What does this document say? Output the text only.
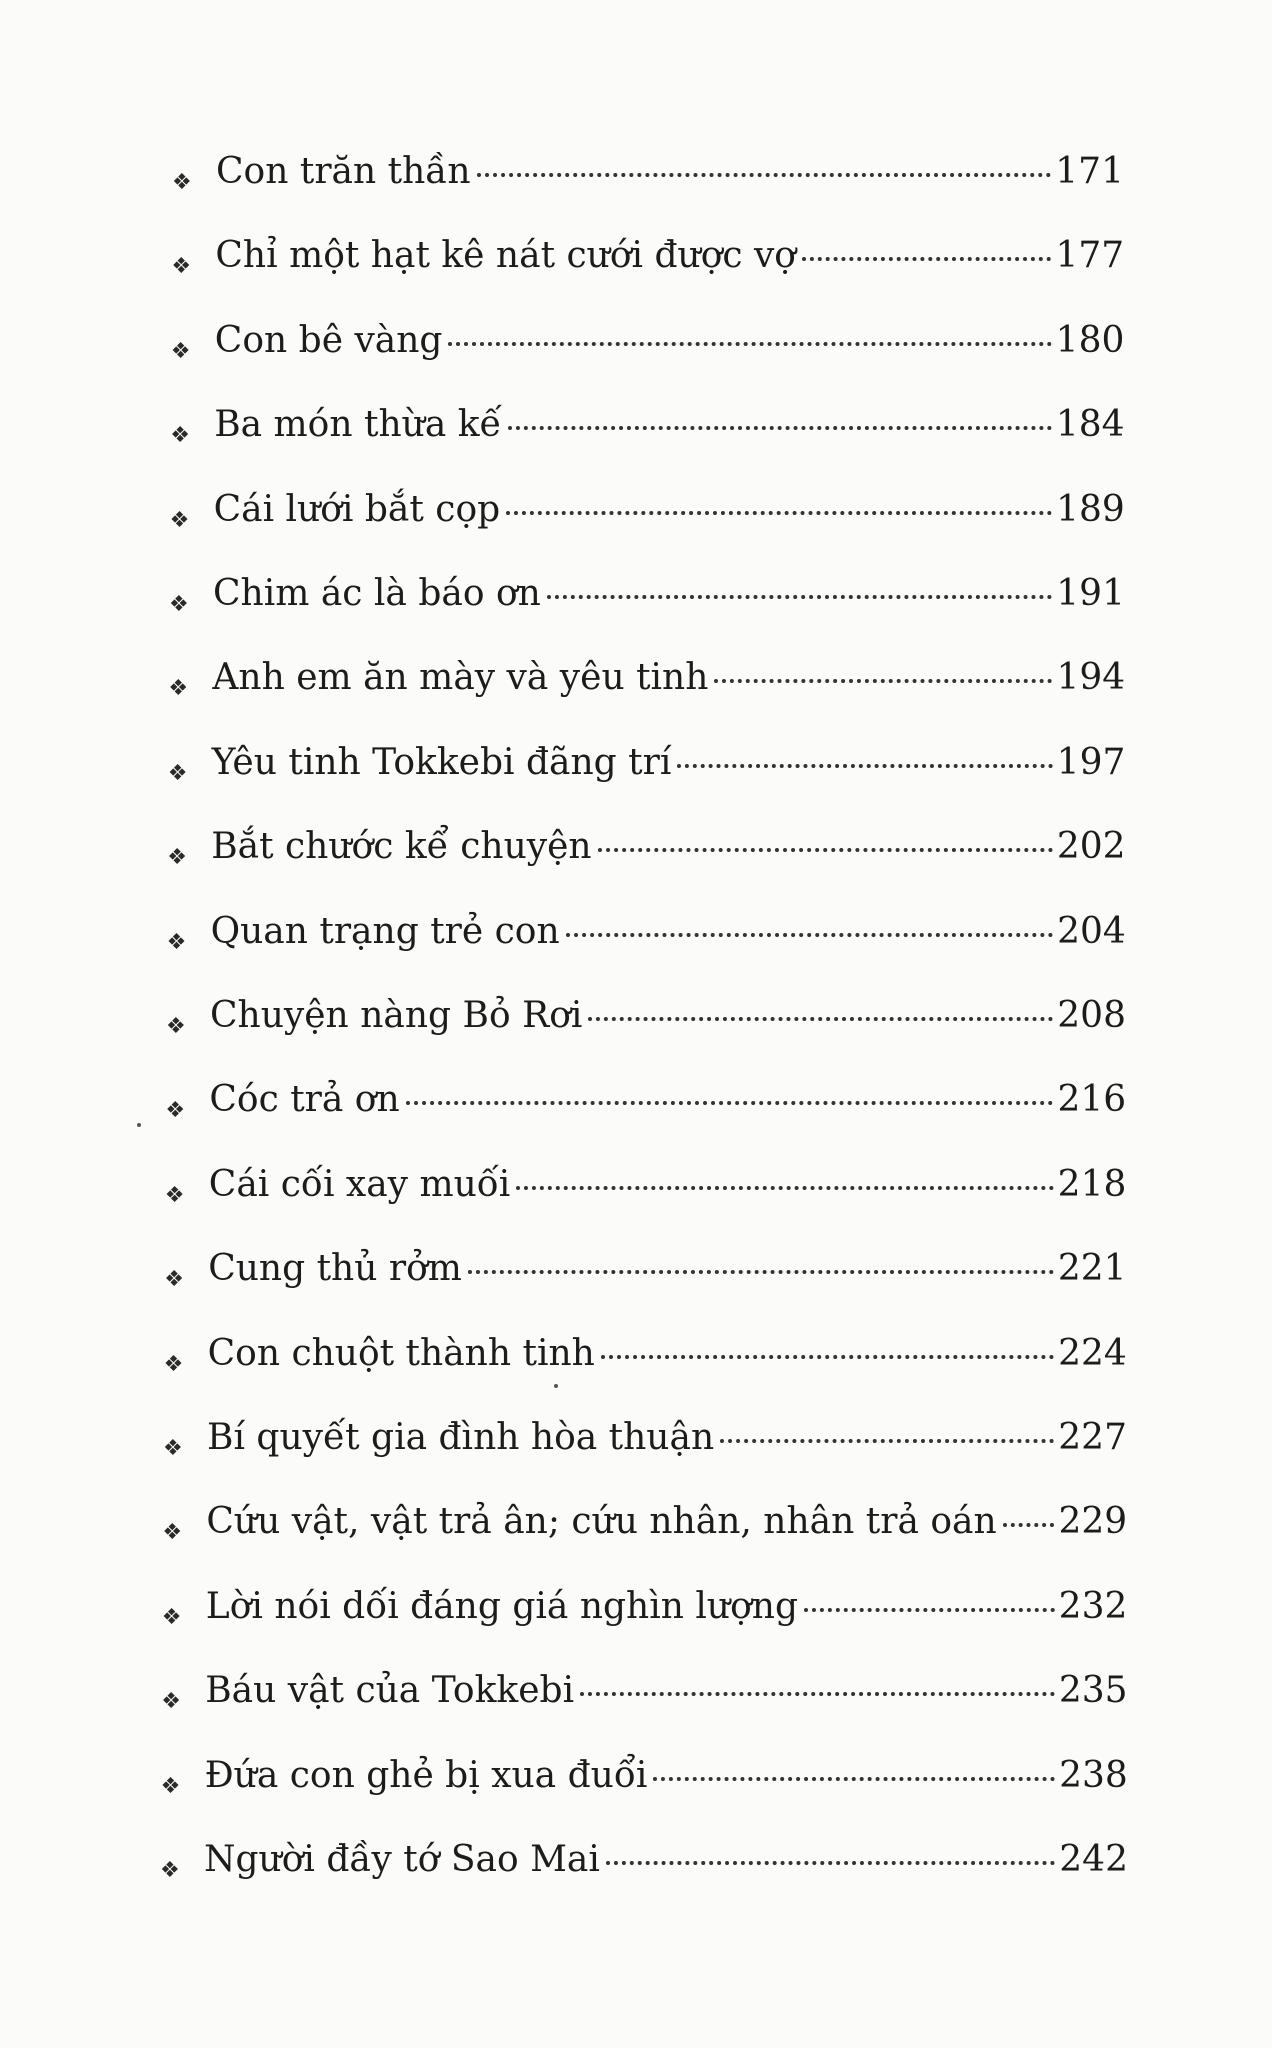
❖ Con trăn thần	171
❖ Chỉ một hạt kê nát cưới được vợ	177
❖ Con bê vàng	180
❖ Ba món thừa kế	184
❖ Cái lưới bắt cọp	189
❖ Chim ác là báo ơn	191
❖ Anh em ăn mày và yêu tinh	194
❖ Yêu tinh Tokkebi đãng trí	197
❖ Bắt chước kể chuyện	202
❖ Quan trạng trẻ con	204
❖ Chuyện nàng Bỏ Rơi	208
❖ Cóc trả ơn	216
❖ Cái cối xay muối	218
❖ Cung thủ rởm	221
❖ Con chuột thành tinh	224
❖ Bí quyết gia đình hòa thuận	227
❖ Cứu vật, vật trả ân; cứu nhân, nhân trả oán 229
❖ Lời nói dối đáng giá nghìn lượng	232
❖ Báu vật của Tokkebi	235
❖ Đứa con ghẻ bị xua đuổi	238
❖ Người đầy tớ Sao Mai	242
